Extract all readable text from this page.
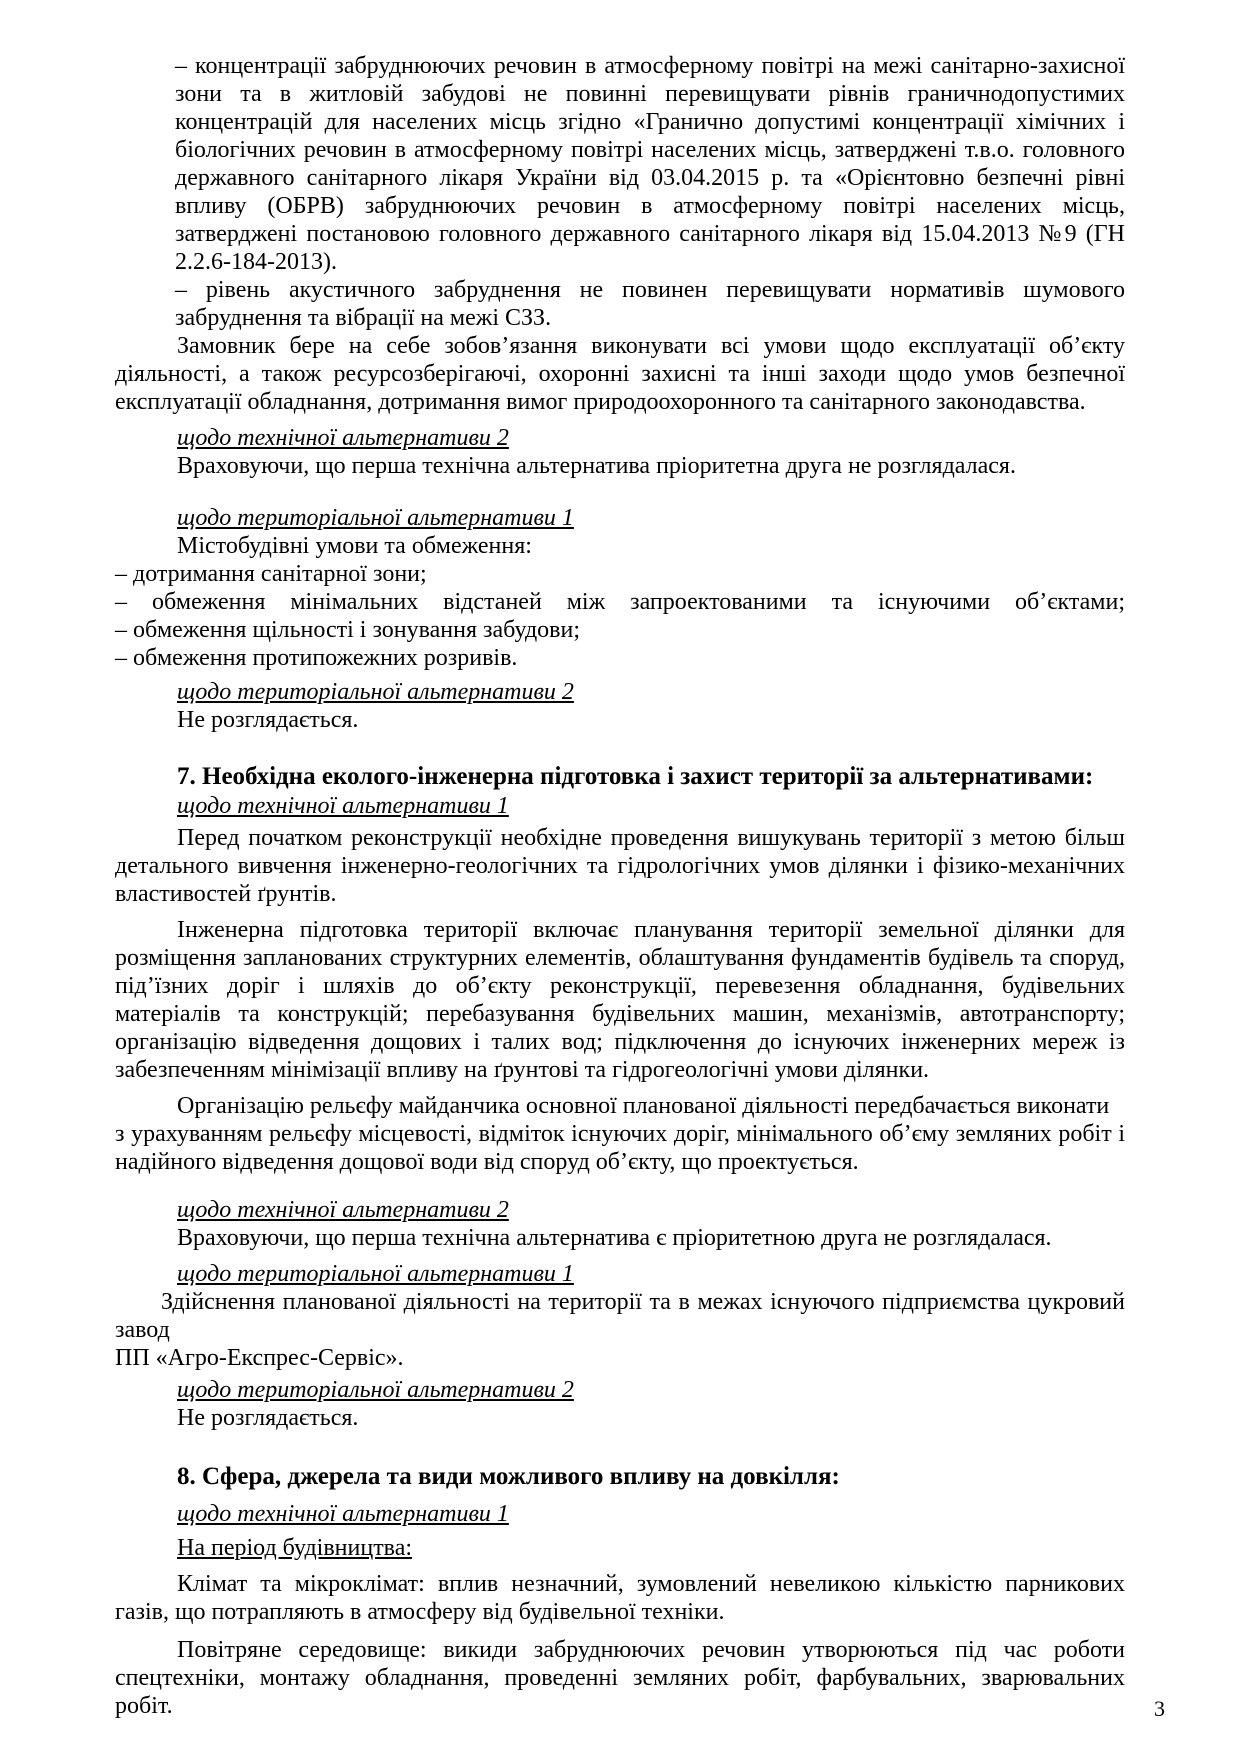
– концентрації забруднюючих речовин в атмосферному повітрі на межі санітарно-захисної зони та в житловій забудові не повинні перевищувати рівнів граничнодопустимих концентрацій для населених місць згідно «Гранично допустимі концентрації хімічних і біологічних речовин в атмосферному повітрі населених місць, затверджені т.в.о. головного державного санітарного лікаря України від 03.04.2015 р. та «Орієнтовно безпечні рівні впливу (ОБРВ) забруднюючих речовин в атмосферному повітрі населених місць, затверджені постановою головного державного санітарного лікаря від 15.04.2013 №9 (ГН 2.2.6-184-2013).

– рівень акустичного забруднення не повинен перевищувати нормативів шумового забруднення та вібрації на межі СЗЗ.

Замовник бере на себе зобов’язання виконувати всі умови щодо експлуатації об’єкту діяльності, а також ресурсозберігаючі, охоронні захисні та інші заходи щодо умов безпечної експлуатації обладнання, дотримання вимог природоохоронного та санітарного законодавства.

щодо технічної альтернативи 2

Враховуючи, що перша технічна альтернатива пріоритетна друга не розглядалася.

щодо територіальної альтернативи 1

Містобудівні умови та обмеження:

– дотримання санітарної зони;
– обмеження мінімальних відстаней між запроектованими та існуючими об’єктами;
– обмеження щільності і зонування забудови;
– обмеження протипожежних розривів.
щодо територіальної альтернативи 2

Не розглядається.

7. Необхідна еколого-інженерна підготовка і захист території за альтернативами:
щодо технічної альтернативи 1

Перед початком реконструкції необхідне проведення вишукувань території з метою більш детального вивчення інженерно-геологічних та гідрологічних умов ділянки і фізико-механічних властивостей ґрунтів.

Інженерна підготовка території включає планування території земельної ділянки для розміщення запланованих структурних елементів, облаштування фундаментів будівель та споруд, під’їзних доріг і шляхів до об’єкту реконструкції, перевезення обладнання, будівельних матеріалів та конструкцій; перебазування будівельних машин, механізмів, автотранспорту; організацію відведення дощових і талих вод; підключення до існуючих інженерних мереж із забезпеченням мінімізації впливу на ґрунтові та гідрогеологічні умови ділянки.

Організацію рельєфу майданчика основної планованої діяльності передбачається виконати
з урахуванням рельєфу місцевості, відміток існуючих доріг, мінімального об’єму земляних робіт і
надійного відведення дощової води від споруд об’єкту, що проектується.
щодо технічної альтернативи 2

Враховуючи, що перша технічна альтернатива є пріоритетною друга не розглядалася.

щодо територіальної альтернативи 1
Здійснення планованої діяльності на території та в межах існуючого підприємства цукровий завод
ПП «Агро-Експрес-Сервіс».
щодо територіальної альтернативи 2

Не розглядається.

8. Сфера, джерела та види можливого впливу на довкілля:
щодо технічної альтернативи 1

На період будівництва:

Клімат та мікроклімат: вплив незначний, зумовлений невеликою кількістю парникових газів, що потрапляють в атмосферу від будівельної техніки.

Повітряне середовище: викиди забруднюючих речовин утворюються під час роботи спецтехніки, монтажу обладнання, проведенні земляних робіт, фарбувальних, зварювальних робіт.	3
